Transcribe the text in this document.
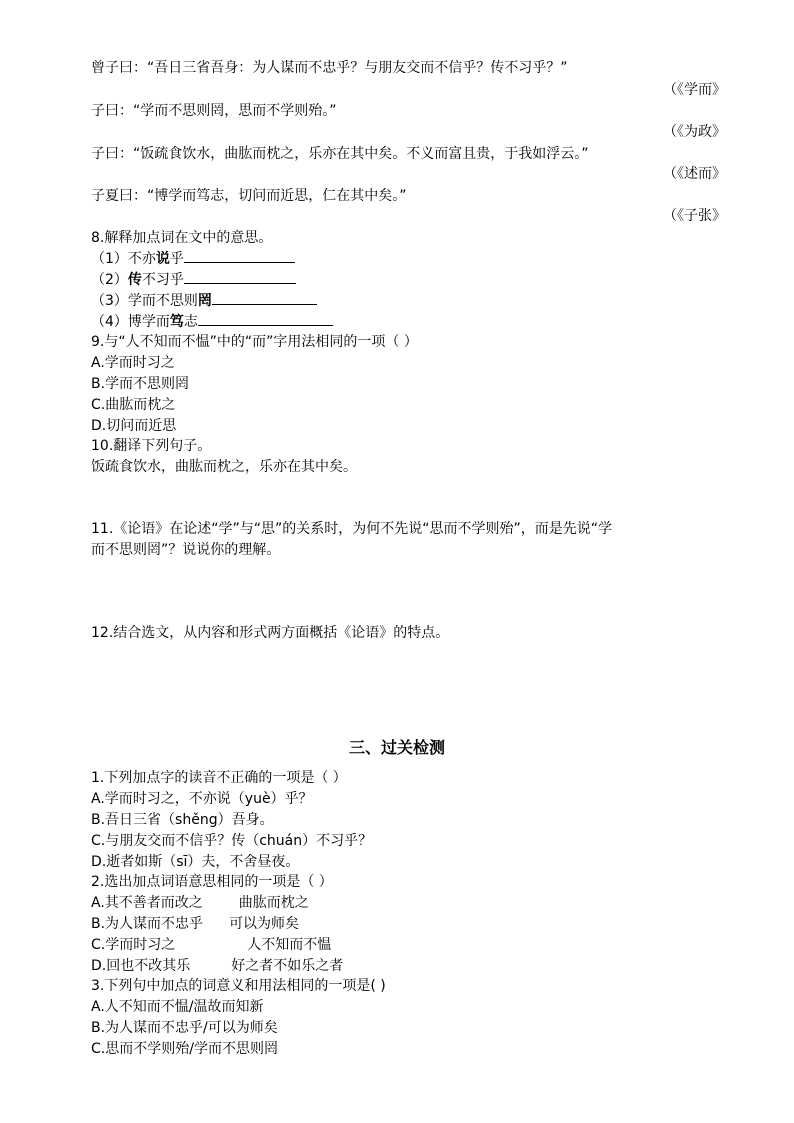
曾子曰：“吾日三省吾身：为人谋而不忠乎？与朋友交而不信乎？传不习乎？”
（《学而》
子曰：“学而不思则罔，思而不学则殆。”
（《为政》
子曰：“饭疏食饮水，曲肱而枕之，乐亦在其中矣。不义而富且贵，于我如浮云。”
（《述而》
子夏曰：“博学而笃志，切问而近思，仁在其中矣。”
（《子张》
8.解释加点词在文中的意思。
（1）不亦说乎
（2）传不习乎
（3）学而不思则罔
（4）博学而笃志
9.与“人不知而不愠”中的“而”字用法相同的一项（ ）
A.学而时习之
B.学而不思则罔
C.曲肱而枕之
D.切问而近思
10.翻译下列句子。
饭疏食饮水，曲肱而枕之，乐亦在其中矣。
11.《论语》在论述“学”与“思”的关系时，为何不先说“思而不学则殆”，而是先说“学
而不思则罔”？说说你的理解。
12.结合选文，从内容和形式两方面概括《论语》的特点。
三、过关检测
1.下列加点字的读音不正确的一项是（ ）
A.学而时习之，不亦说（yuè）乎？
B.吾日三省（shěng）吾身。
C.与朋友交而不信乎？传（chuán）不习乎？
D.逝者如斯（sī）夫，不舍昼夜。
2.选出加点词语意思相同的一项是（ ）
A.其不善者而改之	曲肱而枕之
B.为人谋而不忠乎 可以为师矣
C.学而时习之	人不知而不愠
D.回也不改其乐	好之者不如乐之者
3.下列句中加点的词意义和用法相同的一项是( )
A.人不知而不愠/温故而知新
B.为人谋而不忠乎/可以为师矣
C.思而不学则殆/学而不思则罔
